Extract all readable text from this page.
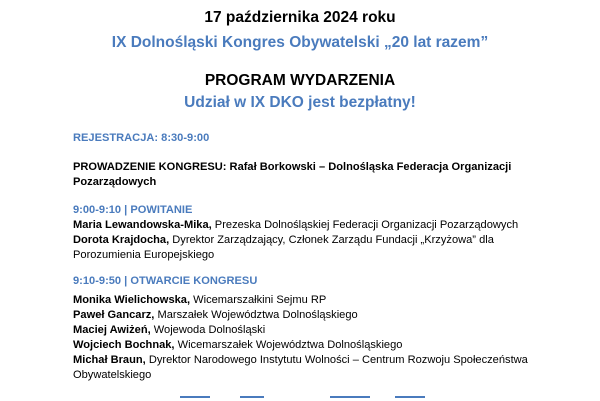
17 października 2024 roku
IX Dolnośląski Kongres Obywatelski „20 lat razem”
PROGRAM WYDARZENIA
Udział w IX DKO jest bezpłatny!
REJESTRACJA: 8:30-9:00

PROWADZENIE KONGRESU: Rafał Borkowski – Dolnośląska Federacja Organizacji Pozarządowych

9:00-9:10 | POWITANIE

Maria Lewandowska-Mika, Prezeska Dolnośląskiej Federacji Organizacji Pozarządowych

Dorota Krajdocha, Dyrektor Zarządzający, Członek Zarządu Fundacji „Krzyżowa” dla Porozumienia Europejskiego

9:10-9:50 | OTWARCIE KONGRESU

Monika Wielichowska, Wicemarszałkini Sejmu RP

Paweł Gancarz, Marszałek Województwa Dolnośląskiego

Maciej Awiżeń, Wojewoda Dolnośląski

Wojciech Bochnak, Wicemarszałek Województwa Dolnośląskiego

Michał Braun, Dyrektor Narodowego Instytutu Wolności – Centrum Rozwoju Społeczeństwa Obywatelskiego
